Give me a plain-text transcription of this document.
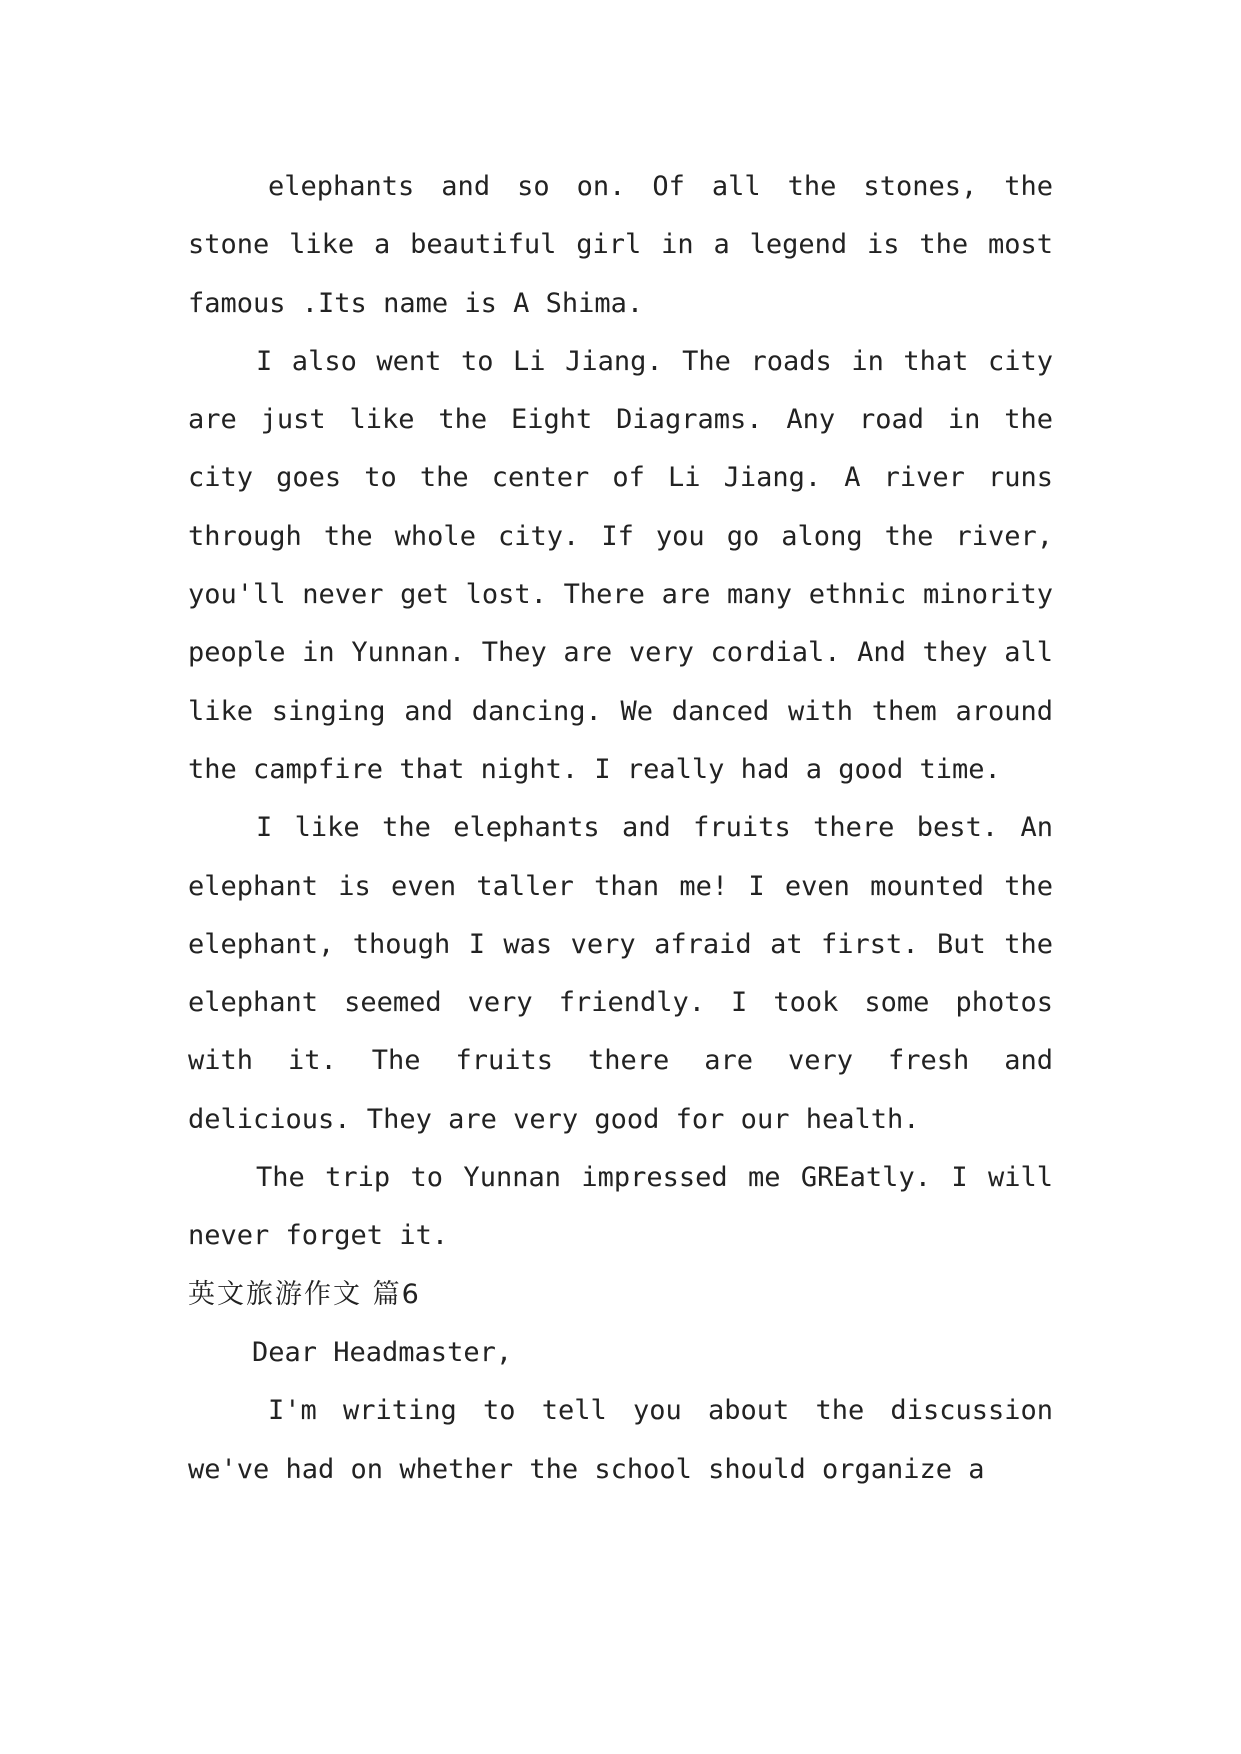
elephants and so on. Of all the stones, the stone like a beautiful girl in a legend is the most famous .Its name is A Shima.

I also went to Li Jiang. The roads in that city are just like the Eight Diagrams. Any road in the city goes to the center of Li Jiang. A river runs through the whole city. If you go along the river, you'll never get lost. There are many ethnic minority people in Yunnan. They are very cordial. And they all like singing and dancing. We danced with them around the campfire that night. I really had a good time.

I like the elephants and fruits there best. An elephant is even taller than me! I even mounted the elephant, though I was very afraid at first. But the elephant seemed very friendly. I took some photos with it. The fruits there are very fresh and delicious. They are very good for our health.

The trip to Yunnan impressed me GREatly. I will never forget it.

英文旅游作文 篇6

Dear Headmaster,

I'm writing to tell you about the discussion we've had on whether the school should organize a
